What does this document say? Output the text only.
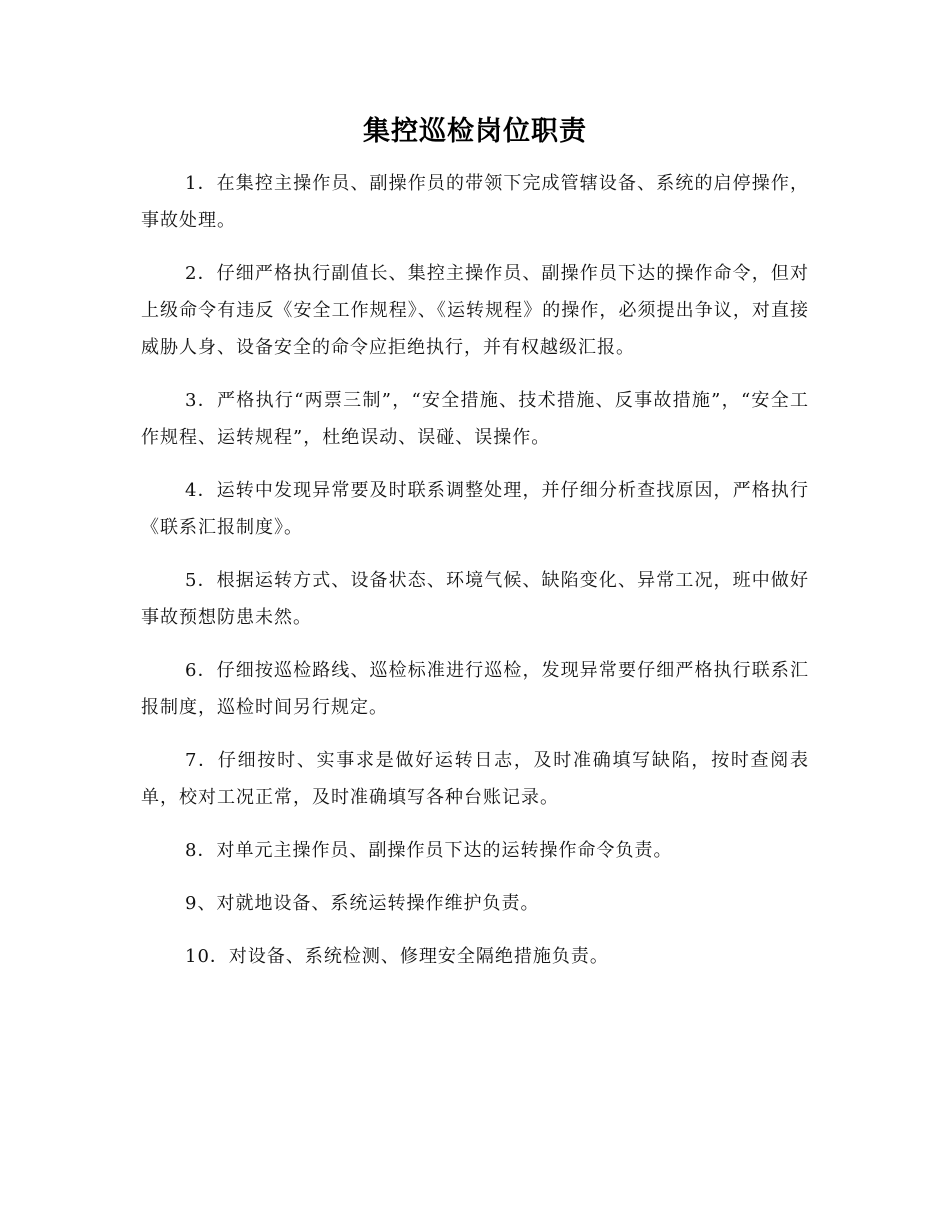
集控巡检岗位职责

1．在集控主操作员、副操作员的带领下完成管辖设备、系统的启停操作，事故处理。

2．仔细严格执行副值长、集控主操作员、副操作员下达的操作命令，但对上级命令有违反《安全工作规程》、《运转规程》的操作，必须提出争议，对直接威胁人身、设备安全的命令应拒绝执行，并有权越级汇报。

3．严格执行“两票三制”，“安全措施、技术措施、反事故措施”，“安全工作规程、运转规程”，杜绝误动、误碰、误操作。

4．运转中发现异常要及时联系调整处理，并仔细分析查找原因，严格执行《联系汇报制度》。

5．根据运转方式、设备状态、环境气候、缺陷变化、异常工况，班中做好事故预想防患未然。

6．仔细按巡检路线、巡检标准进行巡检，发现异常要仔细严格执行联系汇报制度，巡检时间另行规定。

7．仔细按时、实事求是做好运转日志，及时准确填写缺陷，按时查阅表单，校对工况正常，及时准确填写各种台账记录。

8．对单元主操作员、副操作员下达的运转操作命令负责。

9、对就地设备、系统运转操作维护负责。

10．对设备、系统检测、修理安全隔绝措施负责。
